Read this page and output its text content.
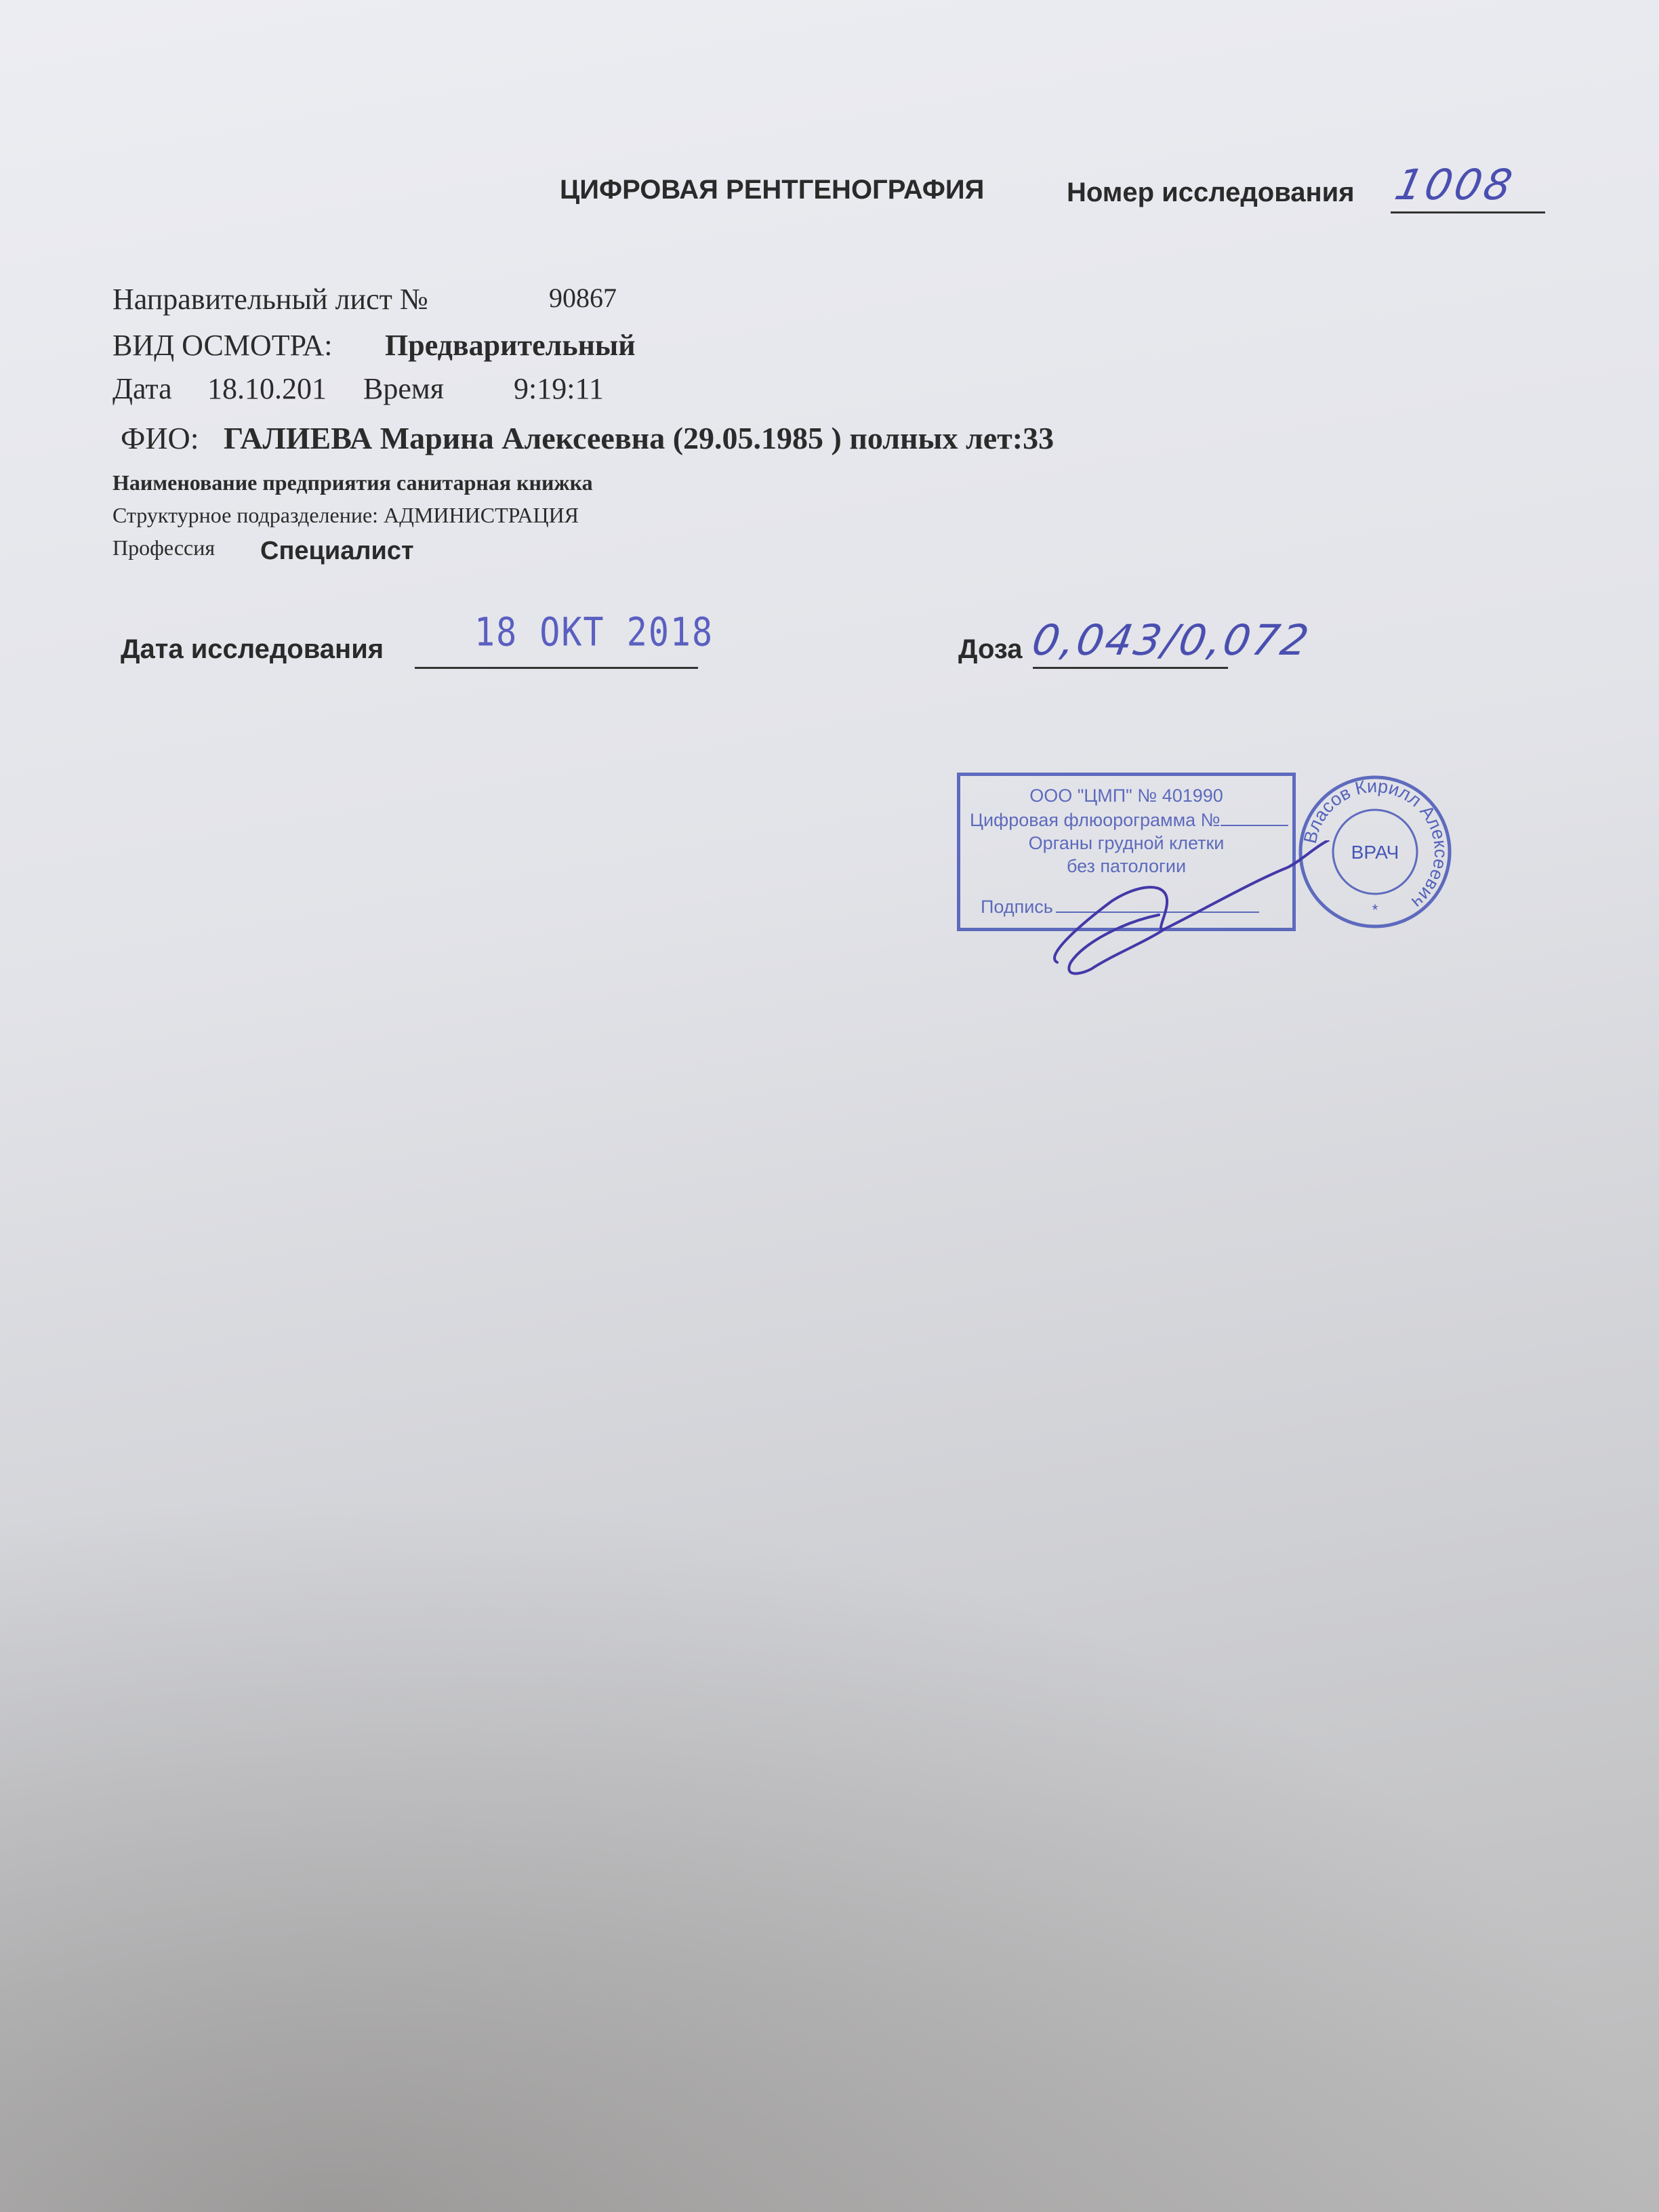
ЦИФРОВАЯ РЕНТГЕНОГРАФИЯ	Номер исследования 1008
Направительный лист №	90867
ВИД ОСМОТРА: Предварительный
Дата 18.10.201 Время 9:19:11
ФИО: ГАЛИЕВА Марина Алексеевна (29.05.1985 ) полных лет:33
Наименование предприятия санитарная книжка
Структурное подразделение: АДМИНИСТРАЦИЯ
Профессия Специалист
Дата исследования	18 ОКТ 2018	Доза 0,043/0,072
ООО "ЦМП" № 401990
Цифровая флюорограмма №
Органы грудной клетки
без патологии
Подпись
Власов Кирилл Алексеевич
ВРАЧ
*
